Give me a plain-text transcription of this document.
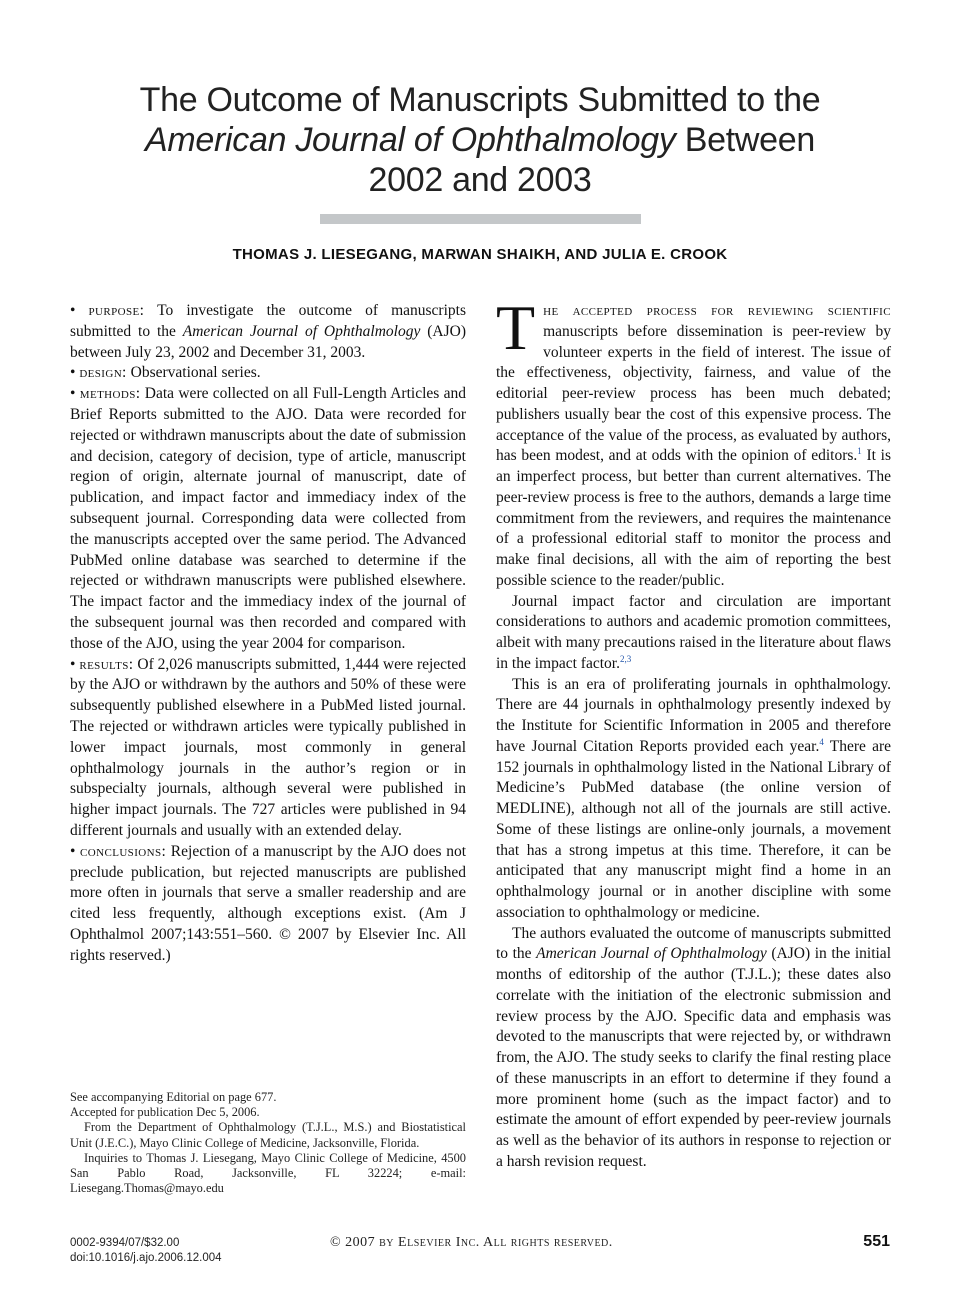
The Outcome of Manuscripts Submitted to the
American Journal of Ophthalmology Between
2002 and 2003
THOMAS J. LIESEGANG, MARWAN SHAIKH, AND JULIA E. CROOK

• purpose: To investigate the outcome of manuscripts submitted to the American Journal of Ophthalmology (AJO) between July 23, 2002 and December 31, 2003.

• design: Observational series.

• methods: Data were collected on all Full-Length Articles and Brief Reports submitted to the AJO. Data were recorded for rejected or withdrawn manuscripts about the date of submission and decision, category of decision, type of article, manuscript region of origin, alternate journal of manuscript, date of publication, and impact factor and immediacy index of the subsequent journal. Corresponding data were collected from the manuscripts accepted over the same period. The Advanced PubMed online database was searched to determine if the rejected or withdrawn manuscripts were published elsewhere. The impact factor and the immediacy index of the journal of the subsequent journal was then recorded and compared with those of the AJO, using the year 2004 for comparison.

• results: Of 2,026 manuscripts submitted, 1,444 were rejected by the AJO or withdrawn by the authors and 50% of these were subsequently published elsewhere in a PubMed listed journal. The rejected or withdrawn articles were typically published in lower impact journals, most commonly in general ophthalmology journals in the author’s region or in subspecialty journals, although several were published in higher impact journals. The 727 articles were published in 94 different journals and usually with an extended delay.

• conclusions: Rejection of a manuscript by the AJO does not preclude publication, but rejected manuscripts are published more often in journals that serve a smaller readership and are cited less frequently, although exceptions exist. (Am J Ophthalmol 2007;143:551–560. © 2007 by Elsevier Inc. All rights reserved.)

See accompanying Editorial on page 677.

Accepted for publication Dec 5, 2006.

From the Department of Ophthalmology (T.J.L., M.S.) and Biostatistical Unit (J.E.C.), Mayo Clinic College of Medicine, Jacksonville, Florida.

Inquiries to Thomas J. Liesegang, Mayo Clinic College of Medicine, 4500 San Pablo Road, Jacksonville, FL 32224; e-mail: Liesegang.Thomas@mayo.edu

The accepted process for reviewing scientific manuscripts before dissemination is peer-review by volunteer experts in the field of interest. The issue of the effectiveness, objectivity, fairness, and value of the editorial peer-review process has been much debated; publishers usually bear the cost of this expensive process. The acceptance of the value of the process, as evaluated by authors, has been modest, and at odds with the opinion of editors.$^1$ It is an imperfect process, but better than current alternatives. The peer-review process is free to the authors, demands a large time commitment from the reviewers, and requires the maintenance of a professional editorial staff to monitor the process and make final decisions, all with the aim of reporting the best possible science to the reader/public.

Journal impact factor and circulation are important considerations to authors and academic promotion committees, albeit with many precautions raised in the literature about flaws in the impact factor.$^{2,3}$

This is an era of proliferating journals in ophthalmology. There are 44 journals in ophthalmology presently indexed by the Institute for Scientific Information in 2005 and therefore have Journal Citation Reports provided each year.$^4$ There are 152 journals in ophthalmology listed in the National Library of Medicine’s PubMed database (the online version of MEDLINE), although not all of the journals are still active. Some of these listings are online-only journals, a movement that has a strong impetus at this time. Therefore, it can be anticipated that any manuscript might find a home in an ophthalmology journal or in another discipline with some association to ophthalmology or medicine.

The authors evaluated the outcome of manuscripts submitted to the American Journal of Ophthalmology (AJO) in the initial months of editorship of the author (T.J.L.); these dates also correlate with the initiation of the electronic submission and review process by the AJO. Specific data and emphasis was devoted to the manuscripts that were rejected by, or withdrawn from, the AJO. The study seeks to clarify the final resting place of these manuscripts in an effort to determine if they found a more prominent home (such as the impact factor) and to estimate the amount of effort expended by peer-review journals as well as the behavior of its authors in response to rejection or a harsh revision request.

0002-9394/07/$32.00
doi:10.1016/j.ajo.2006.12.004
© 2007 by Elsevier Inc. All rights reserved.	551
